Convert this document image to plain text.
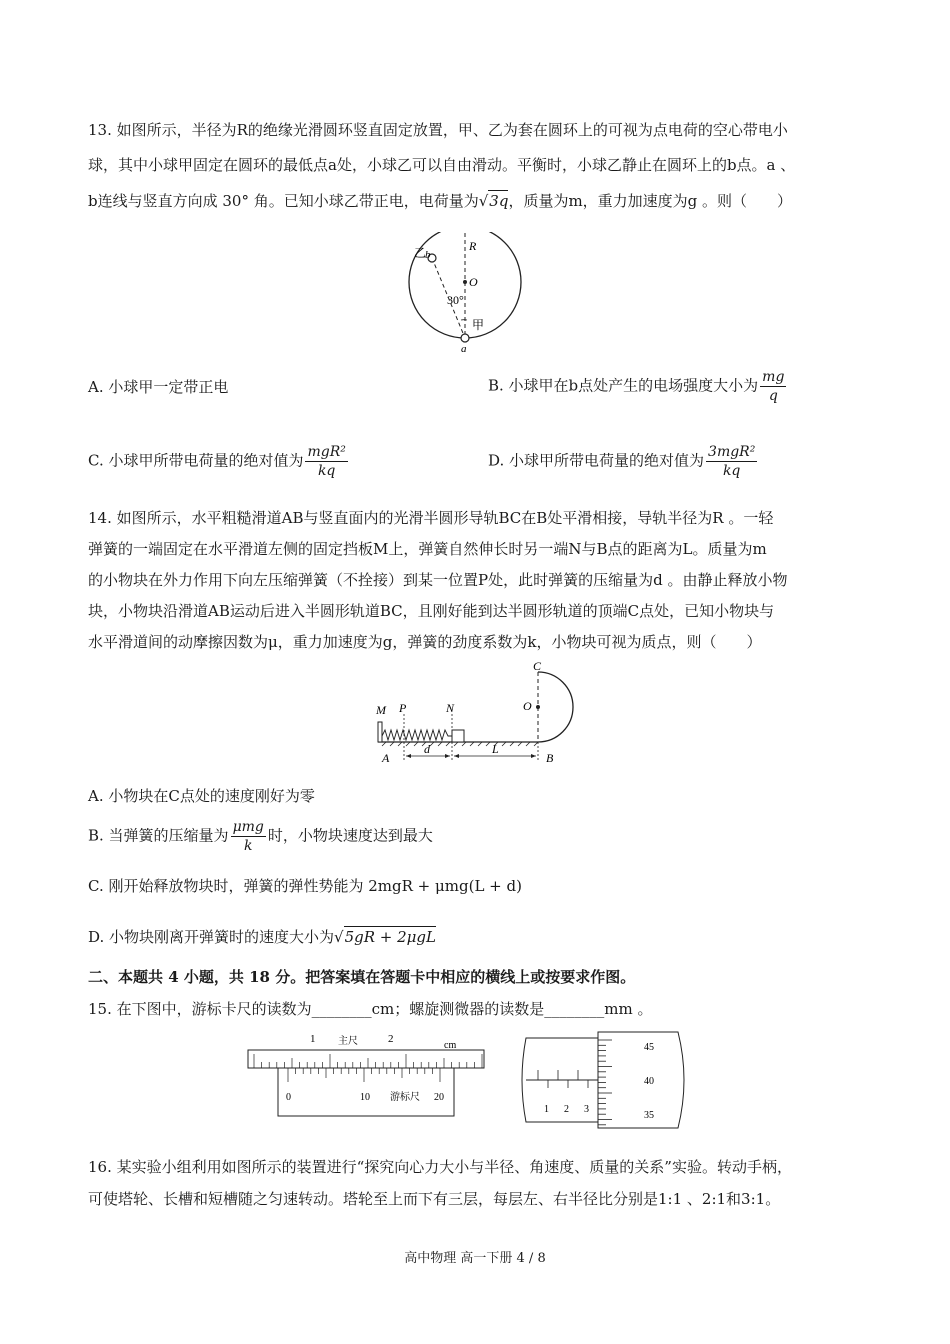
13. 如图所示，半径为R的绝缘光滑圆环竖直固定放置，甲、乙为套在圆环上的可视为点电荷的空心带电小
球，其中小球甲固定在圆环的最低点a处，小球乙可以自由滑动。平衡时，小球乙静止在圆环上的b点。a 、
b连线与竖直方向成 30° 角。已知小球乙带正电，电荷量为√3q，质量为m，重力加速度为g 。则（　　）
乙
b
R
O
30°
甲
a
A. 小球甲一定带正电	B. 小球甲在b点处产生的电场强度大小为 $\frac{mg}{q}$
C. 小球甲所带电荷量的绝对值为 $\frac{\text{mgR²}}{kq}$	D. 小球甲所带电荷量的绝对值为 $\frac{\text{3mgR²}}{kq}$
14. 如图所示，水平粗糙滑道AB与竖直面内的光滑半圆形导轨BC在B处平滑相接，导轨半径为R 。一轻
弹簧的一端固定在水平滑道左侧的固定挡板M上，弹簧自然伸长时另一端N与B点的距离为L。质量为m
的小物块在外力作用下向左压缩弹簧（不拴接）到某一位置P处，此时弹簧的压缩量为d 。由静止释放小物
块，小物块沿滑道AB运动后进入半圆形轨道BC，且刚好能到达半圆形轨道的顶端C点处，已知小物块与
水平滑道间的动摩擦因数为μ，重力加速度为g，弹簧的劲度系数为k，小物块可视为质点，则（　　）
C
O
M P	N
A
d	L
B
A. 小物块在C点处的速度刚好为零
B. 当弹簧的压缩量为 $\frac{\text{μmg}}{k}$ 时，小物块速度达到最大
C. 刚开始释放物块时，弹簧的弹性势能为 2mgR + μmg(L + d)
D. 小物块刚离开弹簧时的速度大小为√5gR + 2μgL
二、本题共 4 小题，共 18 分。把答案填在答题卡中相应的横线上或按要求作图。
15. 在下图中，游标卡尺的读数为________cm；螺旋测微器的读数是________mm 。
1 主尺	2
cm
0	10 游标尺 20
1 2 3
45
40
35
16. 某实验小组利用如图所示的装置进行“探究向心力大小与半径、角速度、质量的关系”实验。转动手柄，
可使塔轮、长槽和短槽随之匀速转动。塔轮至上而下有三层，每层左、右半径比分别是1:1 、2:1和3:1。
高中物理 高一下册 4 / 8
